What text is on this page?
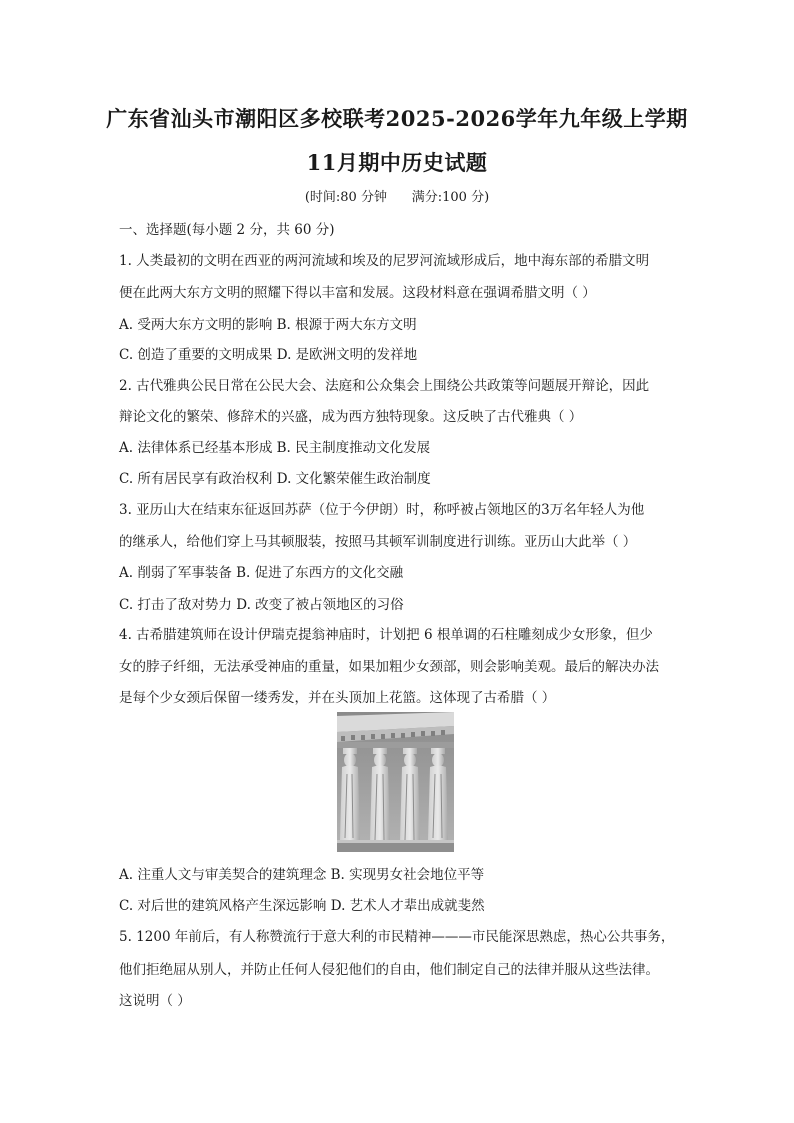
广东省汕头市潮阳区多校联考2025-2026学年九年级上学期
11月期中历史试题
(时间:80 分钟      满分:100 分)
一、选择题(每小题 2 分，共 60 分)
1. 人类最初的文明在西亚的两河流域和埃及的尼罗河流域形成后，地中海东部的希腊文明
便在此两大东方文明的照耀下得以丰富和发展。这段材料意在强调希腊文明（ ）
A. 受两大东方文明的影响 B. 根源于两大东方文明
C. 创造了重要的文明成果 D. 是欧洲文明的发祥地
2. 古代雅典公民日常在公民大会、法庭和公众集会上围绕公共政策等问题展开辩论，因此
辩论文化的繁荣、修辞术的兴盛，成为西方独特现象。这反映了古代雅典（ ）
A. 法律体系已经基本形成 B. 民主制度推动文化发展
C. 所有居民享有政治权利 D. 文化繁荣催生政治制度
3. 亚历山大在结束东征返回苏萨（位于今伊朗）时，称呼被占领地区的3万名年轻人为他
的继承人，给他们穿上马其顿服装，按照马其顿军训制度进行训练。亚历山大此举（ ）
A. 削弱了军事装备 B. 促进了东西方的文化交融
C. 打击了敌对势力 D. 改变了被占领地区的习俗
4. 古希腊建筑师在设计伊瑞克提翁神庙时，计划把 6 根单调的石柱雕刻成少女形象，但少
女的脖子纤细，无法承受神庙的重量，如果加粗少女颈部，则会影响美观。最后的解决办法
是每个少女颈后保留一缕秀发，并在头顶加上花篮。这体现了古希腊（ ）
A. 注重人文与审美契合的建筑理念 B. 实现男女社会地位平等
C. 对后世的建筑风格产生深远影响 D. 艺术人才辈出成就斐然
5. 1200 年前后，有人称赞流行于意大利的市民精神———市民能深思熟虑，热心公共事务，
他们拒绝屈从别人，并防止任何人侵犯他们的自由，他们制定自己的法律并服从这些法律。
这说明（ ）
